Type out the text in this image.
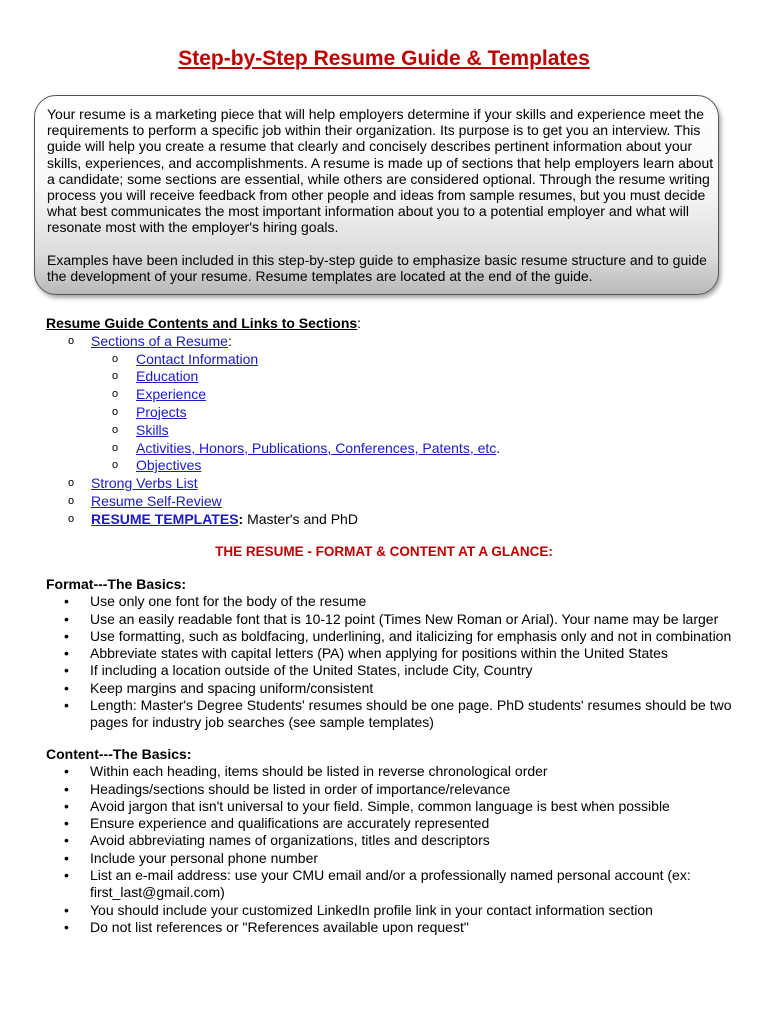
Step-by-Step Resume Guide & Templates

Your resume is a marketing piece that will help employers determine if your skills and experience meet the requirements to perform a specific job within their organization. Its purpose is to get you an interview. This guide will help you create a resume that clearly and concisely describes pertinent information about your skills, experiences, and accomplishments. A resume is made up of sections that help employers learn about a candidate; some sections are essential, while others are considered optional. Through the resume writing process you will receive feedback from other people and ideas from sample resumes, but you must decide what best communicates the most important information about you to a potential employer and what will resonate most with the employer's hiring goals.

Examples have been included in this step-by-step guide to emphasize basic resume structure and to guide the development of your resume. Resume templates are located at the end of the guide.

Resume Guide Contents and Links to Sections:
o Sections of a Resume:
o Contact Information
o Education
o Experience
o Projects
o Skills
o Activities, Honors, Publications, Conferences, Patents, etc.
o Objectives
o Strong Verbs List
o Resume Self-Review
o RESUME TEMPLATES: Master's and PhD
THE RESUME - FORMAT & CONTENT AT A GLANCE:
Format---The Basics:
• Use only one font for the body of the resume
• Use an easily readable font that is 10-12 point (Times New Roman or Arial). Your name may be larger
• Use formatting, such as boldfacing, underlining, and italicizing for emphasis only and not in combination
• Abbreviate states with capital letters (PA) when applying for positions within the United States
• If including a location outside of the United States, include City, Country
• Keep margins and spacing uniform/consistent
• Length: Master's Degree Students' resumes should be one page. PhD students' resumes should be two pages for industry job searches (see sample templates)
Content---The Basics:
• Within each heading, items should be listed in reverse chronological order
• Headings/sections should be listed in order of importance/relevance
• Avoid jargon that isn't universal to your field. Simple, common language is best when possible
• Ensure experience and qualifications are accurately represented
• Avoid abbreviating names of organizations, titles and descriptors
• Include your personal phone number
• List an e-mail address: use your CMU email and/or a professionally named personal account (ex: first_last@gmail.com)
• You should include your customized LinkedIn profile link in your contact information section
• Do not list references or "References available upon request"
